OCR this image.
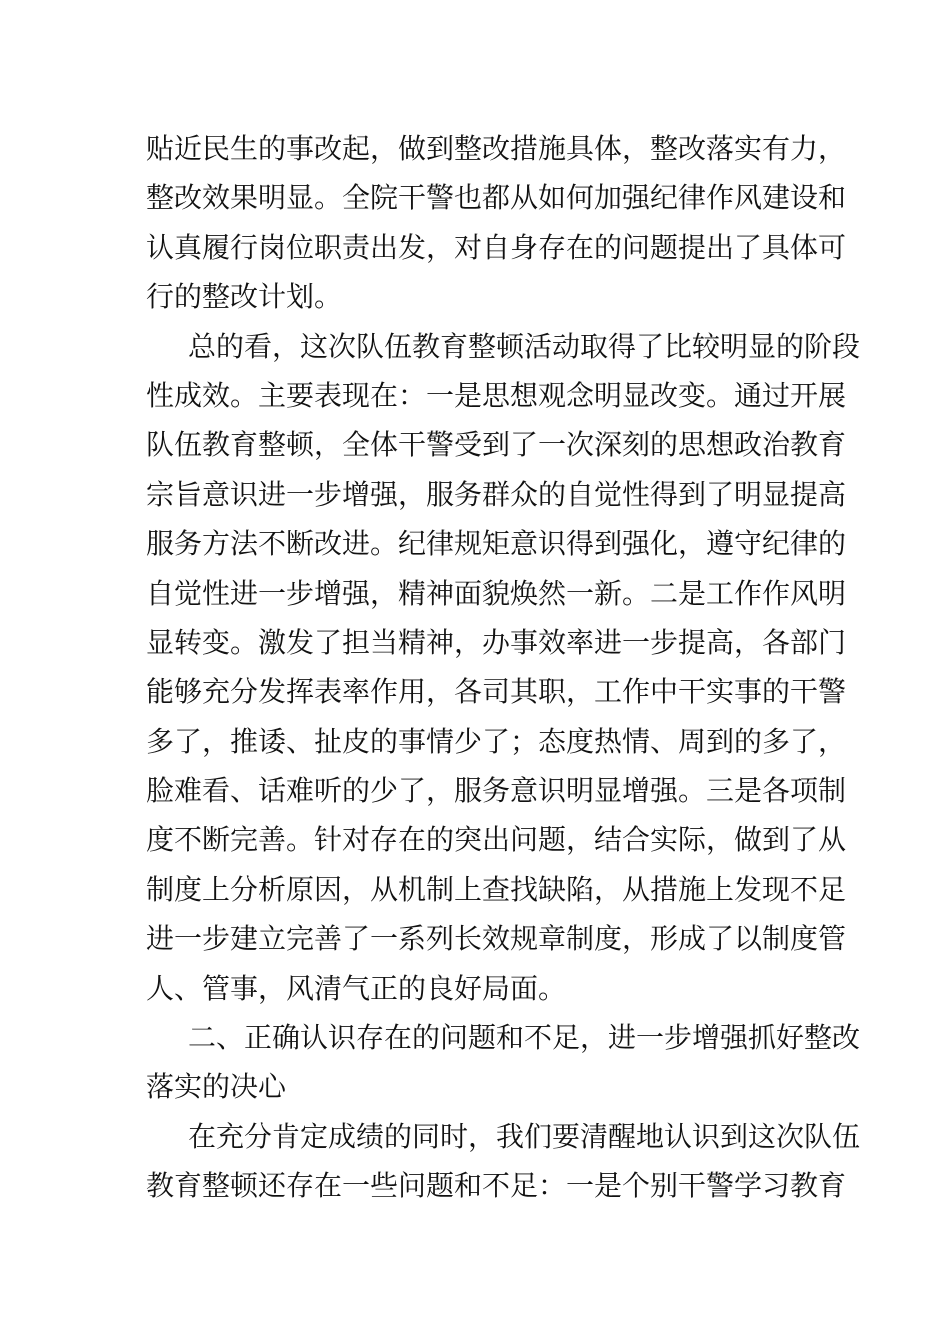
贴近民生的事改起，做到整改措施具体，整改落实有力，
整改效果明显。全院干警也都从如何加强纪律作风建设和
认真履行岗位职责出发，对自身存在的问题提出了具体可
行的整改计划。
总的看，这次队伍教育整顿活动取得了比较明显的阶段
性成效。主要表现在：一是思想观念明显改变。通过开展
队伍教育整顿，全体干警受到了一次深刻的思想政治教育
宗旨意识进一步增强，服务群众的自觉性得到了明显提高
服务方法不断改进。纪律规矩意识得到强化，遵守纪律的
自觉性进一步增强，精神面貌焕然一新。二是工作作风明
显转变。激发了担当精神，办事效率进一步提高，各部门
能够充分发挥表率作用，各司其职，工作中干实事的干警
多了，推诿、扯皮的事情少了；态度热情、周到的多了，
脸难看、话难听的少了，服务意识明显增强。三是各项制
度不断完善。针对存在的突出问题，结合实际，做到了从
制度上分析原因，从机制上查找缺陷，从措施上发现不足
进一步建立完善了一系列长效规章制度，形成了以制度管
人、管事，风清气正的良好局面。
二、正确认识存在的问题和不足，进一步增强抓好整改
落实的决心
在充分肯定成绩的同时，我们要清醒地认识到这次队伍
教育整顿还存在一些问题和不足：一是个别干警学习教育
